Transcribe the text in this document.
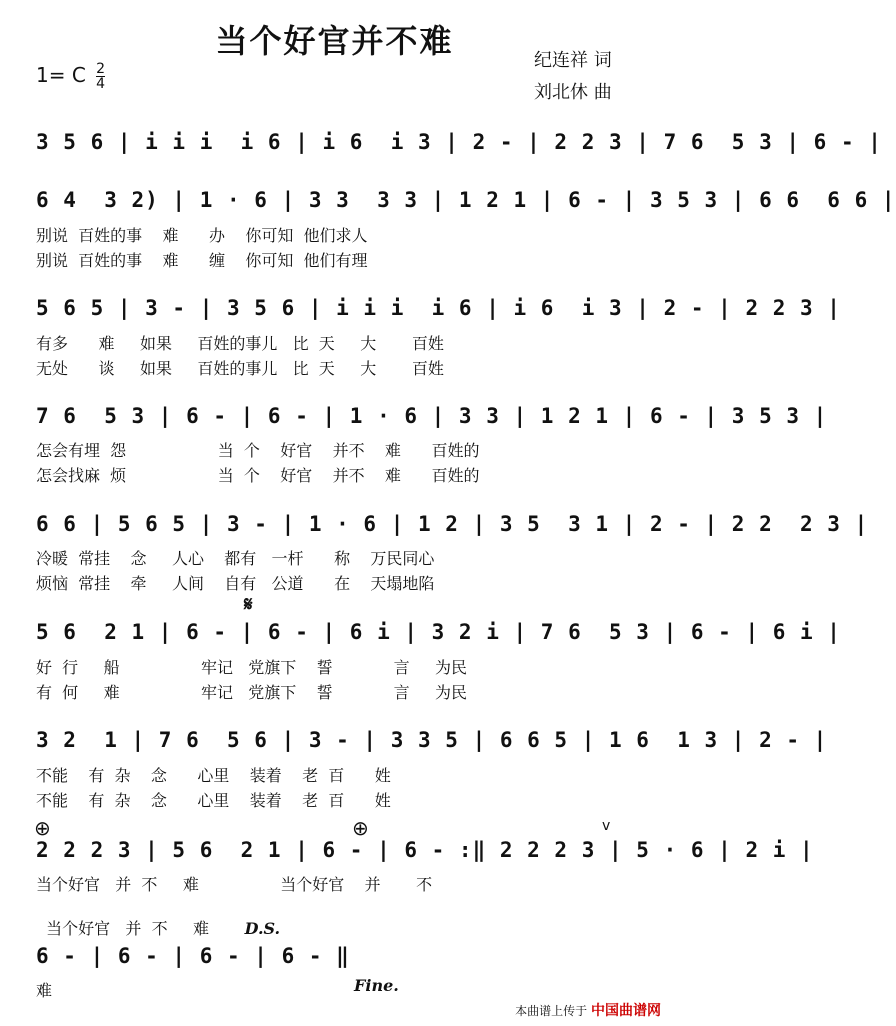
当个好官并不难
1= C $\frac{2}{4}$
纪连祥 词
刘北休 曲
3 5 6 | i i i  i 6 | i 6  i 3 | 2 - | 2 2 3 | 7 6  5 3 | 6 - |
6 4  3 2) | 1 · 6 | 3 3  3 3 | 1 2 1 | 6 - | 3 5 3 | 6 6  6 6 |
别说  百姓的事    难      办    你可知  他们求人
别说  百姓的事    难      缠    你可知  他们有理
5 6 5 | 3 - | 3 5 6 | i i i  i 6 | i 6  i 3 | 2 - | 2 2 3 |
有多      难     如果     百姓的事儿   比  天     大       百姓
无处      谈     如果     百姓的事儿   比  天     大       百姓
7 6  5 3 | 6 - | 6 - | 1 · 6 | 3 3 | 1 2 1 | 6 - | 3 5 3 |
怎会有埋  怨                  当  个    好官    并不    难      百姓的
怎会找麻  烦                  当  个    好官    并不    难      百姓的
6 6 | 5 6 5 | 3 - | 1 · 6 | 1 2 | 3 5  3 1 | 2 - | 2 2  2 3 |
冷暖  常挂    念     人心    都有   一杆      称    万民同心
烦恼  常挂    牵     人间    自有   公道      在    天塌地陷
𝄋
5 6  2 1 | 6 - | 6 - | 6 i | 3 2 i | 7 6  5 3 | 6 - | 6 i |
好  行     船                牢记   党旗下    誓            言     为民
有  何     难                牢记   党旗下    誓            言     为民
3 2  1 | 7 6  5 6 | 3 - | 3 3 5 | 6 6 5 | 1 6  1 3 | 2 - |
不能    有  杂    念      心里    装着    老  百      姓
不能    有  杂    念      心里    装着    老  百      姓
⊕	⊕	v
2 2 2 3 | 5 6  2 1 | 6 - | 6 - :‖ 2 2 2 3 | 5 · 6 | 2 i |
当个好官   并  不     难                当个好官    并       不

当个好官   并  不     难       D.S.

6 - | 6 - | 6 - | 6 - ‖
难	Fine.
本曲谱上传于 中国曲谱网
